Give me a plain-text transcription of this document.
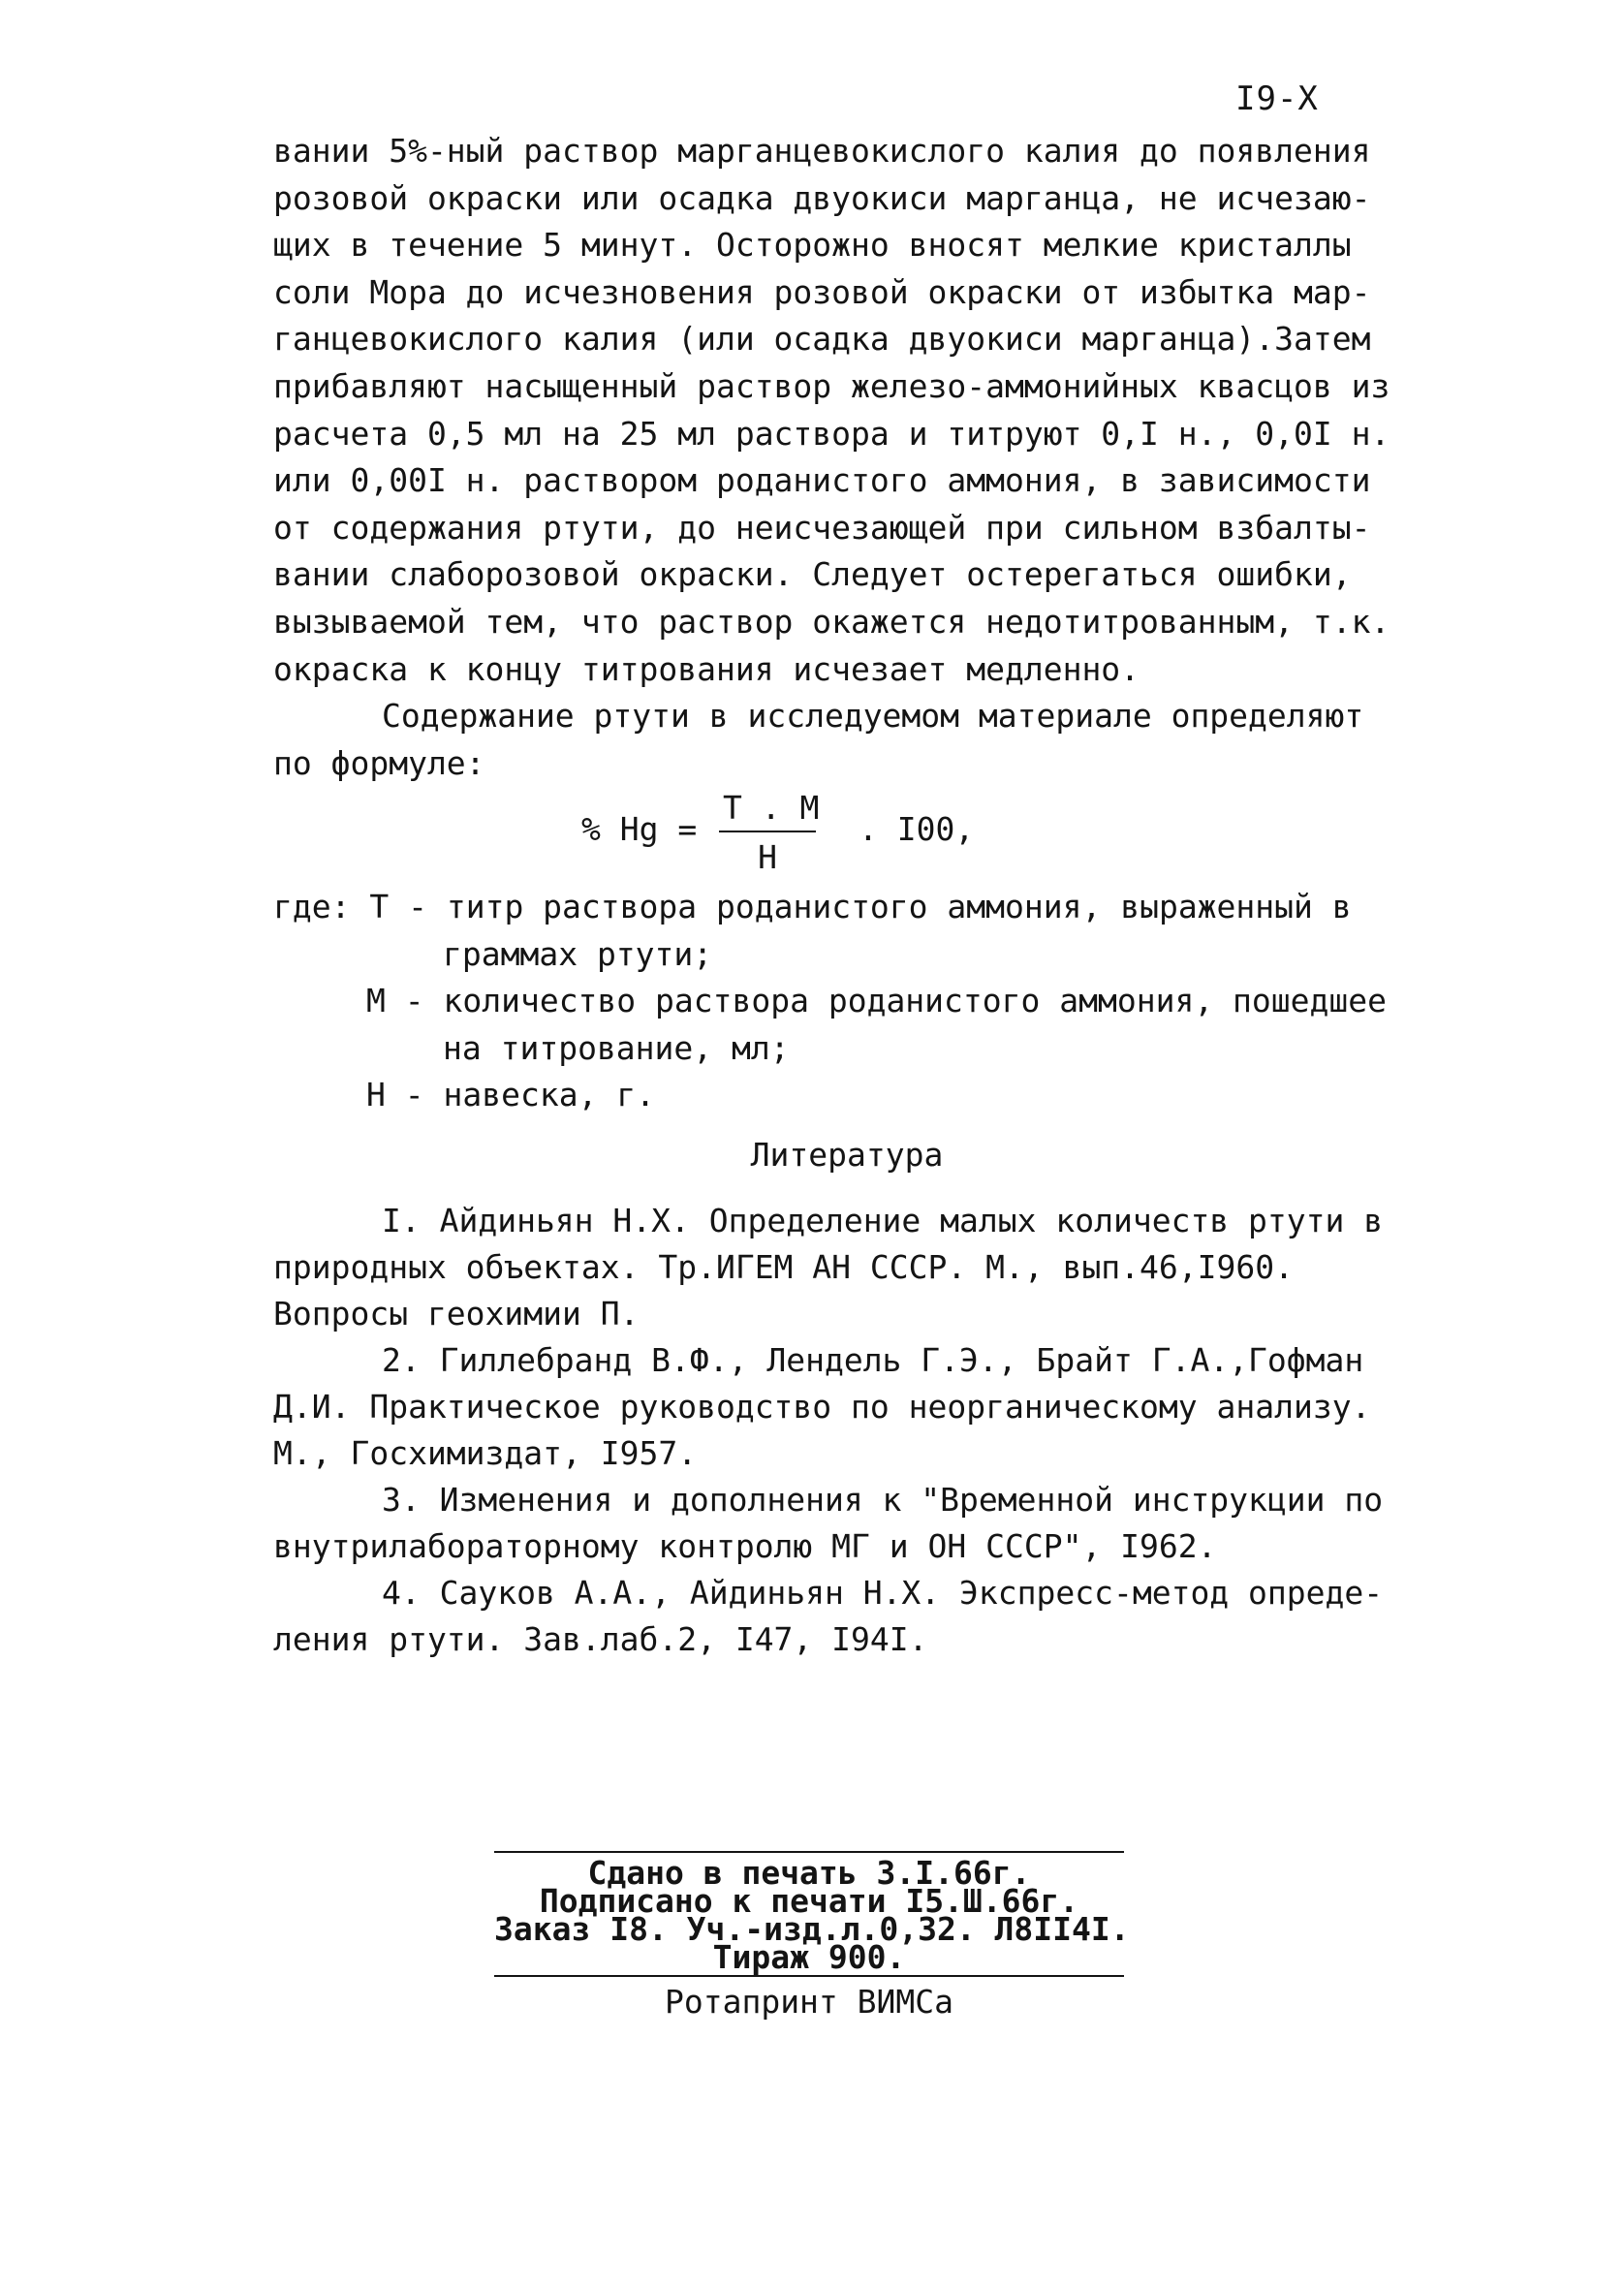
I9-X
вании 5%-ный раствор марганцевокислого калия до появления
розовой окраски или осадка двуокиси марганца, не исчезаю-
щих в течение 5 минут. Осторожно вносят мелкие кристаллы
соли Мора до исчезновения розовой окраски от избытка мар-
ганцевокислого калия (или осадка двуокиси марганца).Затем
прибавляют насыщенный раствор железо-аммонийных квасцов из
расчета 0,5 мл на 25 мл раствора и титруют 0,I н., 0,0I н.
или 0,00I н. раствором роданистого аммония, в зависимости
от содержания ртути, до неисчезающей при сильном взбалты-
вании слаборозовой окраски. Следует остерегаться ошибки,
вызываемой тем, что раствор окажется недотитрованным, т.к.
окраска к концу титрования исчезает медленно.
Содержание ртути в исследуемом материале определяют
по формуле:
% $Hg = \frac{T . M}{H}$ . I00,
где: T - титр раствора роданистого аммония, выраженный в
граммах ртути;
M - количество раствора роданистого аммония, пошедшее
на титрование, мл;
H - навеска, г.
Литература
I. Айдиньян Н.Х. Определение малых количеств ртути в
природных объектах. Тр.ИГЕМ АН СССР. М., вып.46,I960.
Вопросы геохимии П.
2. Гиллебранд В.Ф., Лендель Г.Э., Брайт Г.А.,Гофман
Д.И. Практическое руководство по неорганическому анализу.
М., Госхимиздат, I957.
3. Изменения и дополнения к "Временной инструкции по
внутрилабораторному контролю МГ и ОН СССР", I962.
4. Сауков А.А., Айдиньян Н.Х. Экспресс-метод опреде-
ления ртути. Зав.лаб.2, I47, I94I.
Сдано в печать 3.I.66г.
Подписано к печати I5.Ш.66г.
Заказ I8. Уч.-изд.л.0,32. Л8II4I.
Тираж 900.
Ротапринт ВИМСа
